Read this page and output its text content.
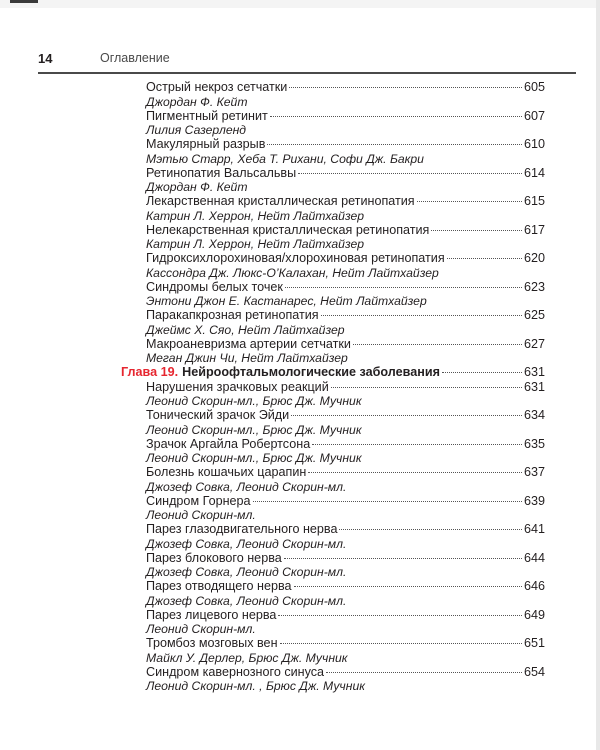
14	Оглавление
Острый некроз сетчатки	605
Джордан Ф. Кейт
Пигментный ретинит	607
Лилия Сазерленд
Макулярный разрыв	610
Мэтью Старр, Хеба Т. Рихани, Софи Дж. Бакри
Ретинопатия Вальсальвы	614
Джордан Ф. Кейт
Лекарственная кристаллическая ретинопатия	615
Катрин Л. Херрон, Нейт Лайтхайзер
Нелекарственная кристаллическая ретинопатия	617
Катрин Л. Херрон, Нейт Лайтхайзер
Гидроксихлорохиновая/хлорохиновая ретинопатия	620
Кассондра Дж. Люкс-О’Калахан, Нейт Лайтхайзер
Синдромы белых точек	623
Энтони Джон Е. Кастанарес, Нейт Лайтхайзер
Паракапкрозная ретинопатия	625
Джеймс Х. Сяо, Нейт Лайтхайзер
Макроаневризма артерии сетчатки	627
Меган Джин Чи, Нейт Лайтхайзер
Глава 19. Нейроофтальмологические заболевания	631
Нарушения зрачковых реакций	631
Леонид Скорин-мл., Брюс Дж. Мучник
Тонический зрачок Эйди	634
Леонид Скорин-мл., Брюс Дж. Мучник
Зрачок Аргайла Робертсона	635
Леонид Скорин-мл., Брюс Дж. Мучник
Болезнь кошачьих царапин	637
Джозеф Совка, Леонид Скорин-мл.
Синдром Горнера	639
Леонид Скорин-мл.
Парез глазодвигательного нерва	641
Джозеф Совка, Леонид Скорин-мл.
Парез блокового нерва	644
Джозеф Совка, Леонид Скорин-мл.
Парез отводящего нерва	646
Джозеф Совка, Леонид Скорин-мл.
Парез лицевого нерва	649
Леонид Скорин-мл.
Тромбоз мозговых вен	651
Майкл У. Дерлер, Брюс Дж. Мучник
Синдром кавернозного синуса	654
Леонид Скорин-мл. , Брюс Дж. Мучник
